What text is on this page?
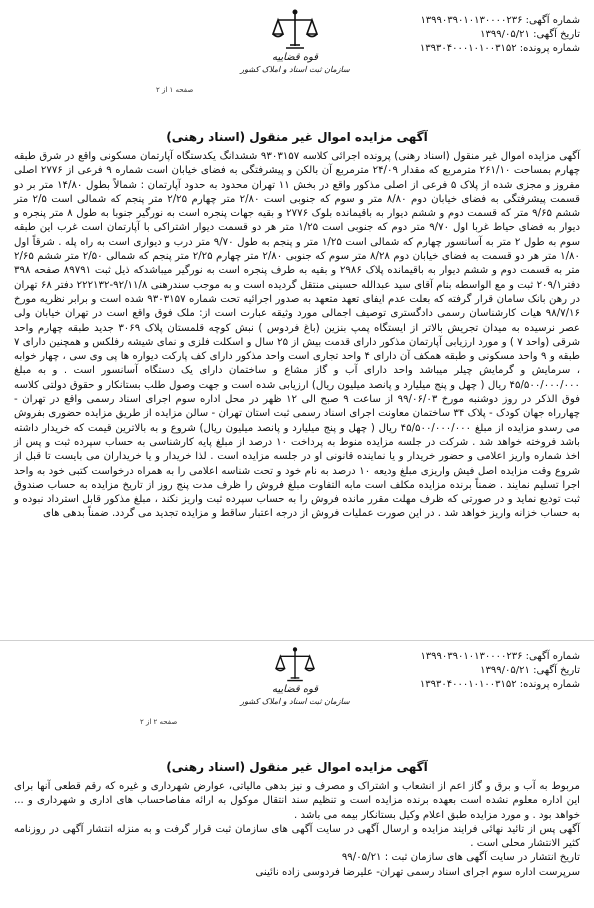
شماره آگهی: ۱۳۹۹۰۳۹۰۱۰۱۳۰۰۰۰۲۳۶
تاریخ آگهی: ۱۳۹۹/۰۵/۲۱
شماره پرونده: ۱۳۹۳۰۴۰۰۰۱۰۱۰۰۳۱۵۲
قوه قضاییه
سازمان ثبت اسناد و املاک کشور
صفحه ۱ از ۲
آگهی مزایده اموال غیر منقول (اسناد رهنی)

آگهی مزایده اموال غیر منقول (اسناد رهنی) پرونده اجرائی کلاسه ۹۳۰۳۱۵۷ ششدانگ یکدستگاه آپارتمان مسکونی واقع در شرق طبقه چهارم بمساحت ۲۶۱/۱۰ مترمربع که مقدار ۲۴/۰۹ مترمربع آن بالکن و پیشرفتگی به فضای خیابان است شماره ۹ فرعی از ۲۷۷۶ اصلی مفروز و مجزی شده از پلاک ۵ فرعی از اصلی مذکور واقع در بخش ۱۱ تهران محدود به حدود آپارتمان : شمالاً بطول ۱۴/۸۰ متر بر دو قسمت پیشرفتگی به فضای خیابان دوم ۸/۸۰ متر و سوم که جنوبی است ۲/۸۰ متر چهارم ۲/۲۵ متر پنجم که شمالی است ۲/۵ متر ششم ۹/۶۵ متر که قسمت دوم و ششم دیوار به باقیمانده بلوک ۲۷۷۶ و بقیه جهات پنجره است به نورگیر جنوبا به طول ۸ متر پنجره و دیوار به فضای حیاط غربا اول ۹/۷۰ متر دوم که جنوبی است ۱/۲۵ متر هر دو قسمت دیوار اشتراکی با آپارتمان است غرب این طبقه سوم به طول ۲ متر به آسانسور چهارم که شمالی است ۱/۲۵ متر و پنجم به طول ۹/۷۰ متر درب و دیواری است به راه پله . شرقاً اول ۱/۸۰ متر هر دو قسمت به فضای خیابان دوم ۸/۲۸ متر سوم که جنوبی ۲/۸۰ متر چهارم ۲/۲۵ متر پنجم که شمالی ۲/۵۰ متر ششم ۲/۶۵ متر به قسمت دوم و ششم دیوار به باقیمانده پلاک ۲۹۸۶ و بقیه به طرف پنجره است به نورگیر میباشدکه ذیل ثبت ۸۹۷۹۱ صفحه ۳۹۸ دفتر۲۰۹/۱ ثبت و مع الواسطه بنام آقای سید عبدالله حسینی منتقل گردیده است و به موجب سندرهنی ۹۲/۱۱/۸-۲۲۲۱۳۲ دفتر ۶۸ تهران در رهن بانک سامان قرار گرفته که بعلت عدم ایفای تعهد متعهد به صدور اجرائیه تحت شماره ۹۳۰۳۱۵۷ شده است و برابر نظریه مورخ ۹۸/۷/۱۶ هیات کارشناسان رسمی دادگستری توصیف اجمالی مورد وثیقه عبارت است از: ملک فوق واقع است در تهران خیابان ولی عصر نرسیده به میدان تجریش بالاتر از ایستگاه پمپ بنزین (باغ فردوس ) نبش کوچه قلمستان پلاک ۳۰۶۹ جدید طبقه چهارم واحد شرقی (واحد ۷ ) و مورد ارزیابی آپارتمان مذکور دارای قدمت بیش از ۲۵ سال و اسکلت فلزی و نمای شیشه رفلکس و همچنین دارای ۷ طبقه و ۹ واحد مسکونی و طبقه همکف آن دارای ۴ واحد تجاری است واحد مذکور دارای کف پارکت دیواره ها پی وی سی ، چهار خوابه ، سرمایش و گرمایش چیلر میباشد واحد دارای آب و گاز مشاع و ساختمان دارای یک دستگاه آسانسور است . و به مبلغ ۴۵/۵۰۰/۰۰۰/۰۰۰ ریال ( چهل و پنج میلیارد و پانصد میلیون ریال) ارزیابی شده است و جهت وصول طلب بستانکار و حقوق دولتی کلاسه فوق الذکر در روز دوشنبه مورخ ۹۹/۰۶/۰۳ از ساعت ۹ صبح الی ۱۲ ظهر در محل اداره سوم اجرای اسناد رسمی واقع در تهران - چهارراه جهان کودک - پلاک ۳۴ ساختمان معاونت اجرای اسناد رسمی ثبت استان تهران - سالن مزایده از طریق مزایده حضوری بفروش می رسدو مزایده از مبلغ ۴۵/۵۰۰/۰۰۰/۰۰۰ ریال ( چهل و پنج میلیارد و پانصد میلیون ریال) شروع و به بالاترین قیمت که خریدار داشته باشد فروخته خواهد شد . شرکت در جلسه مزایده منوط به پرداخت ۱۰ درصد از مبلغ پایه کارشناسی به حساب سپرده ثبت و پس از اخذ شماره واریز اعلامی و حضور خریدار و یا نماینده قانونی او در جلسه مزایده است . لذا خریدار و یا خریداران می بایست تا قبل از شروع وقت مزایده اصل فیش واریزی مبلغ ودیعه ۱۰ درصد به نام خود و تحت شناسه اعلامی را به همراه درخواست کتبی خود به واحد اجرا تسلیم نمایند . ضمناً برنده مزایده مکلف است مابه التفاوت مبلغ فروش را ظرف مدت پنج روز از تاریخ مزایده به حساب صندوق ثبت تودیع نماید و در صورتی که ظرف مهلت مقرر مانده فروش را به حساب سپرده ثبت واریز نکند ، مبلغ مذکور قابل استرداد نبوده و به حساب خزانه واریز خواهد شد . در این صورت عملیات فروش از درجه اعتبار ساقط و مزایده تجدید می گردد. ضمناً بدهی های

شماره آگهی: ۱۳۹۹۰۳۹۰۱۰۱۳۰۰۰۰۲۳۶
تاریخ آگهی: ۱۳۹۹/۰۵/۲۱
شماره پرونده: ۱۳۹۳۰۴۰۰۰۱۰۱۰۰۳۱۵۲
قوه قضاییه
سازمان ثبت اسناد و املاک کشور
صفحه ۲ از ۲
آگهی مزایده اموال غیر منقول (اسناد رهنی)

مربوط به آب و برق و گاز اعم از انشعاب و اشتراک و مصرف و نیز بدهی مالیاتی، عوارض شهرداری و غیره که رقم قطعی آنها برای این اداره معلوم نشده است بعهده برنده مزایده است و تنظیم سند انتقال موکول به ارائه مفاصاحساب های اداری و شهرداری و ... خواهد بود . و مورد مزایده طبق اعلام وکیل بستانکار بیمه می باشد .

آگهی پس از تائید نهائی فرایند مزایده و ارسال آگهی در سایت آگهی های سازمان ثبت قرار گرفت و به منزله انتشار آگهی در روزنامه کثیر الانتشار محلی است .

تاریخ انتشار در سایت آگهی های سازمان ثبت : ۹۹/۰۵/۲۱

سرپرست اداره سوم اجرای اسناد رسمی تهران- علیرضا فردوسی زاده نائینی
